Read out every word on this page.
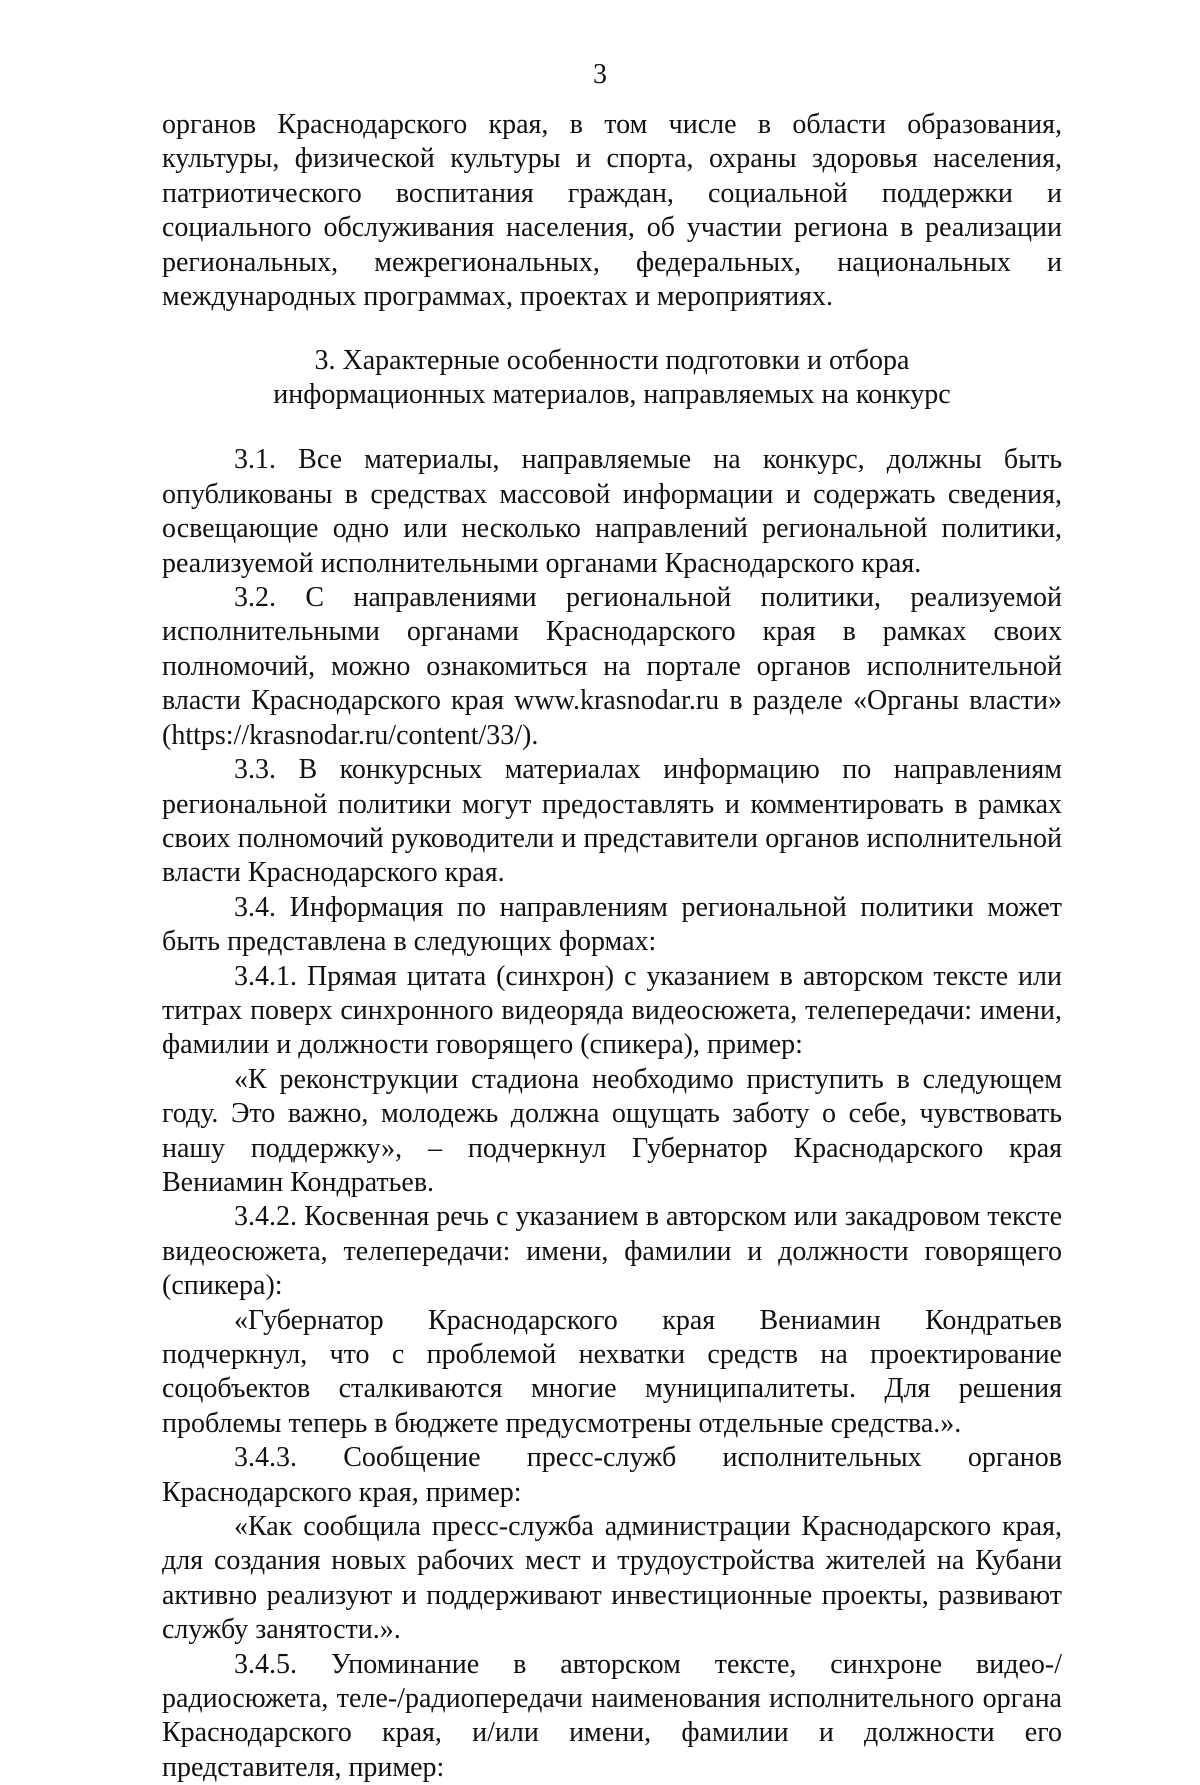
3

органов Краснодарского края, в том числе в области образования, культуры, физической культуры и спорта, охраны здоровья населения, патриотического воспитания граждан, социальной поддержки и социального обслуживания населения, об участии региона в реализации региональных, межрегиональных, федеральных, национальных и международных программах, проектах и мероприятиях.

3. Характерные особенности подготовки и отбора
информационных материалов, направляемых на конкурс

3.1. Все материалы, направляемые на конкурс, должны быть опубликованы в средствах массовой информации и содержать сведения, освещающие одно или несколько направлений региональной политики, реализуемой исполнительными органами Краснодарского края.

3.2. С направлениями региональной политики, реализуемой исполнительными органами Краснодарского края в рамках своих полномочий, можно ознакомиться на портале органов исполнительной власти Краснодарского края www.krasnodar.ru в разделе «Органы власти» (https://krasnodar.ru/content/33/).

3.3. В конкурсных материалах информацию по направлениям региональной политики могут предоставлять и комментировать в рамках своих полномочий руководители и представители органов исполнительной власти Краснодарского края.

3.4. Информация по направлениям региональной политики может быть представлена в следующих формах:

3.4.1. Прямая цитата (синхрон) с указанием в авторском тексте или титрах поверх синхронного видеоряда видеосюжета, телепередачи: имени, фамилии и должности говорящего (спикера), пример:

«К реконструкции стадиона необходимо приступить в следующем году. Это важно, молодежь должна ощущать заботу о себе, чувствовать нашу поддержку», – подчеркнул Губернатор Краснодарского края Вениамин Кондратьев.

3.4.2. Косвенная речь с указанием в авторском или закадровом тексте видеосюжета, телепередачи: имени, фамилии и должности говорящего (спикера):

«Губернатор Краснодарского края Вениамин Кондратьев подчеркнул, что с проблемой нехватки средств на проектирование соцобъектов сталкиваются многие муниципалитеты. Для решения проблемы теперь в бюджете предусмотрены отдельные средства.».

3.4.3. Сообщение пресс-служб исполнительных органов Краснодарского края, пример:

«Как сообщила пресс-служба администрации Краснодарского края, для создания новых рабочих мест и трудоустройства жителей на Кубани активно реализуют и поддерживают инвестиционные проекты, развивают службу занятости.».

3.4.5. Упоминание в авторском тексте, синхроне видео-/радиосюжета, теле-/радиопередачи наименования исполнительного органа Краснодарского края, и/или имени, фамилии и должности его представителя, пример:
